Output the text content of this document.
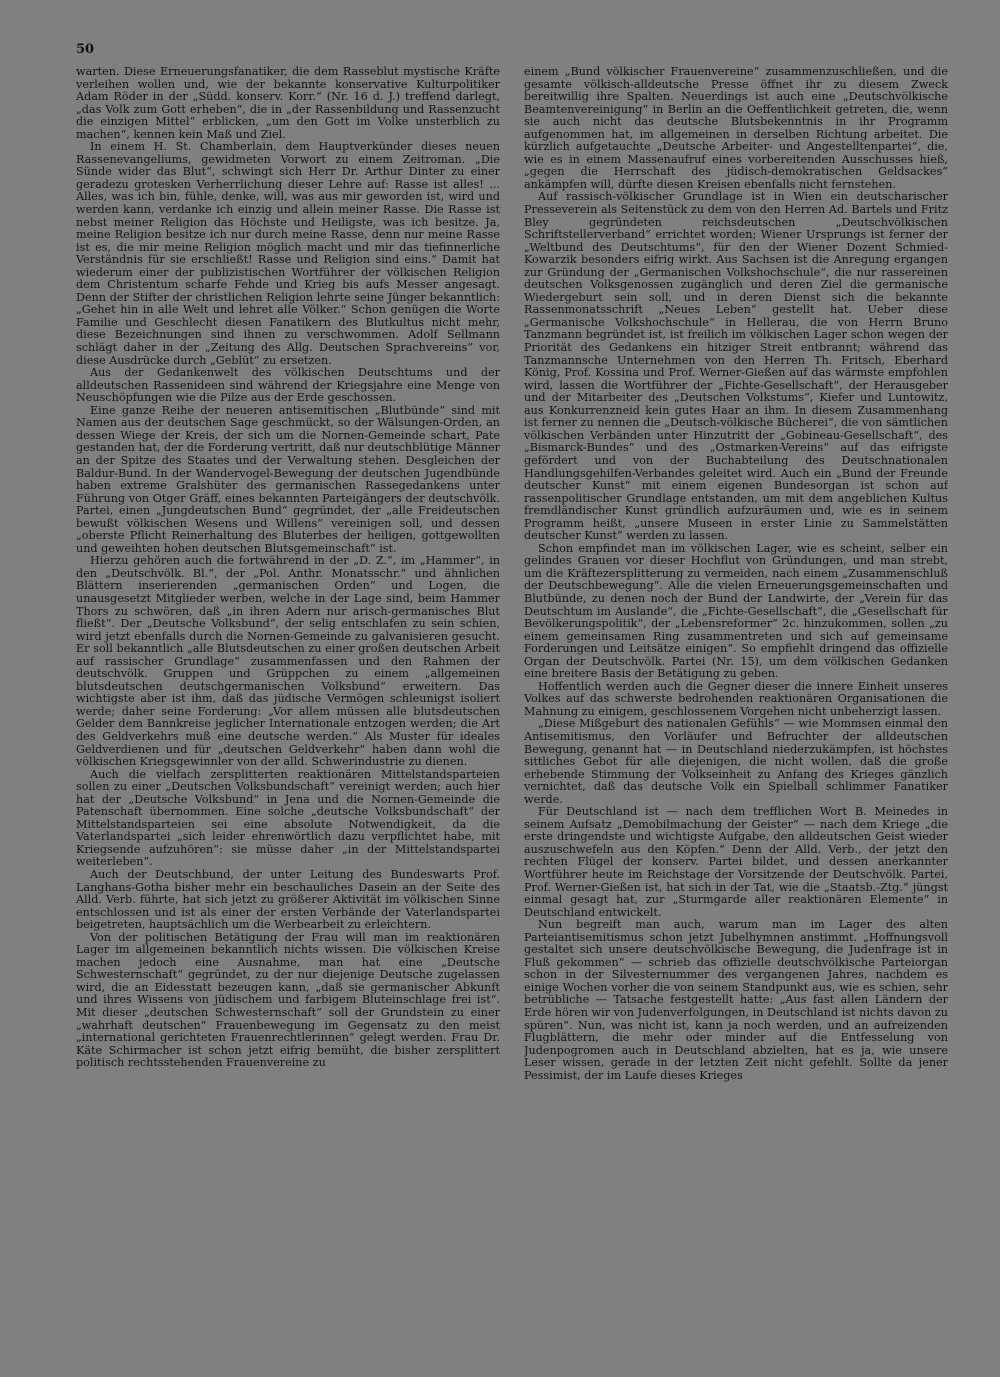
50

warten. Diese Erneuerungsfanatiker, die dem Rasseblut mystische Kräfte verleihen wollen und, wie der bekannte konservative Kulturpolitiker Adam Röder in der „Südd. konserv. Korr.“ (Nr. 16 d. J.) treffend darlegt, „das Volk zum Gott erheben“, die in „der Rassenbildung und Rassenzucht die einzigen Mittel“ erblicken, „um den Gott im Volke unsterblich zu machen“, kennen kein Maß und Ziel.

In einem H. St. Chamberlain, dem Hauptverkünder dieses neuen Rassenevangeliums, gewidmeten Vorwort zu einem Zeitroman. „Die Sünde wider das Blut“, schwingt sich Herr Dr. Arthur Dinter zu einer geradezu grotesken Verherrlichung dieser Lehre auf: Rasse ist alles! ... Alles, was ich bin, fühle, denke, will, was aus mir geworden ist, wird und werden kann, verdanke ich einzig und allein meiner Rasse. Die Rasse ist nebst meiner Religion das Höchste und Heiligste, was ich besitze. Ja, meine Religion besitze ich nur durch meine Rasse, denn nur meine Rasse ist es, die mir meine Religion möglich macht und mir das tiefinnerliche Verständnis für sie erschließt! Rasse und Religion sind eins.“ Damit hat wiederum einer der publizistischen Wortführer der völkischen Religion dem Christentum scharfe Fehde und Krieg bis aufs Messer angesagt. Denn der Stifter der christlichen Religion lehrte seine Jünger bekanntlich: „Gehet hin in alle Welt und lehret alle Völker.“ Schon genügen die Worte Familie und Geschlecht diesen Fanatikern des Blutkultus nicht mehr, diese Bezeichnungen sind ihnen zu verschwommen. Adolf Sellmann schlägt daher in der „Zeitung des Allg. Deutschen Sprachvereins“ vor, diese Ausdrücke durch „Geblüt“ zu ersetzen.

Aus der Gedankenwelt des völkischen Deutschtums und der alldeutschen Rassenideen sind während der Kriegsjahre eine Menge von Neuschöpfungen wie die Pilze aus der Erde geschossen.

Eine ganze Reihe der neueren antisemitischen „Blutbünde“ sind mit Namen aus der deutschen Sage geschmückt, so der Wälsungen-Orden, an dessen Wiege der Kreis, der sich um die Nornen-Gemeinde schart, Pate gestanden hat, der die Forderung vertritt, daß nur deutschblütige Männer an der Spitze des Staates und der Verwaltung stehen. Desgleichen der Baldur-Bund. In der Wandervogel-Bewegung der deutschen Jugendbünde haben extreme Gralshüter des germanischen Rassegedankens unter Führung von Otger Gräff, eines bekannten Parteigängers der deutschvölk. Partei, einen „Jungdeutschen Bund“ gegründet, der „alle Freideutschen bewußt völkischen Wesens und Willens“ vereinigen soll, und dessen „oberste Pflicht Reinerhaltung des Bluterbes der heiligen, gottgewollten und geweihten hohen deutschen Blutsgemeinschaft“ ist.

Hierzu gehören auch die fortwährend in der „D. Z.“, im „Hammer“, in den „Deutschvölk. Bl.“, der „Pol. Anthr. Monatsschr.“ und ähnlichen Blättern inserierenden „germanischen Orden“ und Logen, die unausgesetzt Mitglieder werben, welche in der Lage sind, beim Hammer Thors zu schwören, daß „in ihren Adern nur arisch-germanisches Blut fließt“. Der „Deutsche Volksbund“, der selig entschlafen zu sein schien, wird jetzt ebenfalls durch die Nornen-Gemeinde zu galvanisieren gesucht. Er soll bekanntlich „alle Blutsdeutschen zu einer großen deutschen Arbeit auf rassischer Grundlage“ zusammenfassen und den Rahmen der deutschvölk. Gruppen und Grüppchen zu einem „allgemeinen blutsdeutschen deutschgermanischen Volksbund“ erweitern. Das wichtigste aber ist ihm, daß das jüdische Vermögen schleunigst isoliert werde; daher seine Forderung: „Vor allem müssen alle blutsdeutschen Gelder dem Bannkreise jeglicher Internationale entzogen werden; die Art des Geldverkehrs muß eine deutsche werden.“ Als Muster für ideales Geldverdienen und für „deutschen Geldverkehr“ haben dann wohl die völkischen Kriegsgewinnler von der alld. Schwerindustrie zu dienen.

Auch die vielfach zersplitterten reaktionären Mittelstandsparteien sollen zu einer „Deutschen Volksbundschaft“ vereinigt werden; auch hier hat der „Deutsche Volksbund“ in Jena und die Nornen-Gemeinde die Patenschaft übernommen. Eine solche „deutsche Volksbundschaft“ der Mittelstandsparteien sei eine absolute Notwendigkeit, da die Vaterlandspartei „sich leider ehrenwörtlich dazu verpflichtet habe, mit Kriegsende aufzuhören“: sie müsse daher „in der Mittelstandspartei weiterleben“.

Auch der Deutschbund, der unter Leitung des Bundeswarts Prof. Langhans-Gotha bisher mehr ein beschauliches Dasein an der Seite des Alld. Verb. führte, hat sich jetzt zu größerer Aktivität im völkischen Sinne entschlossen und ist als einer der ersten Verbände der Vaterlandspartei beigetreten, hauptsächlich um die Werbearbeit zu erleichtern.

Von der politischen Betätigung der Frau will man im reaktionären Lager im allgemeinen bekanntlich nichts wissen. Die völkischen Kreise machen jedoch eine Ausnahme, man hat eine „Deutsche Schwesternschaft“ gegründet, zu der nur diejenige Deutsche zugelassen wird, die an Eidesstatt bezeugen kann, „daß sie germanischer Abkunft und ihres Wissens von jüdischem und farbigem Bluteinschlage frei ist“. Mit dieser „deutschen Schwesternschaft“ soll der Grundstein zu einer „wahrhaft deutschen“ Frauenbewegung im Gegensatz zu den meist „international gerichteten Frauenrechtlerinnen“ gelegt werden. Frau Dr. Käte Schirmacher ist schon jetzt eifrig bemüht, die bisher zersplittert politisch rechtsstehenden Frauenvereine zu

einem „Bund völkischer Frauenvereine“ zusammenzuschließen, und die gesamte völkisch-alldeutsche Presse öffnet ihr zu diesem Zweck bereitwillig ihre Spalten. Neuerdings ist auch eine „Deutschvölkische Beamtenvereinigung“ in Berlin an die Oeffentlichkeit getreten, die, wenn sie auch nicht das deutsche Blutsbekenntnis in ihr Programm aufgenommen hat, im allgemeinen in derselben Richtung arbeitet. Die kürzlich aufgetauchte „Deutsche Arbeiter- und Angestelltenpartei“, die, wie es in einem Massenaufruf eines vorbereitenden Ausschusses hieß, „gegen die Herrschaft des jüdisch-demokratischen Geldsackes“ ankämpfen will, dürfte diesen Kreisen ebenfalls nicht fernstehen.

Auf rassisch-völkischer Grundlage ist in Wien ein deutscharischer Presseverein als Seitenstück zu dem von den Herren Ad. Bartels und Fritz Bley gegründeten reichsdeutschen „Deutschvölkischen Schriftstellerverband“ errichtet worden; Wiener Ursprungs ist ferner der „Weltbund des Deutschtums“, für den der Wiener Dozent Schmied-Kowarzik besonders eifrig wirkt. Aus Sachsen ist die Anregung ergangen zur Gründung der „Germanischen Volkshochschule“, die nur rassereinen deutschen Volksgenossen zugänglich und deren Ziel die germanische Wiedergeburt sein soll, und in deren Dienst sich die bekannte Rassenmonatsschrift „Neues Leben“ gestellt hat. Ueber diese „Germanische Volkshochschule“ in Hellerau, die von Herrn Bruno Tanzmann begründet ist, ist freilich im völkischen Lager schon wegen der Priorität des Gedankens ein hitziger Streit entbrannt; während das Tanzmannsche Unternehmen von den Herren Th. Fritsch, Eberhard König, Prof. Kossina und Prof. Werner-Gießen auf das wärmste empfohlen wird, lassen die Wortführer der „Fichte-Gesellschaft“, der Herausgeber und der Mitarbeiter des „Deutschen Volkstums“, Kiefer und Luntowitz, aus Konkurrenzneid kein gutes Haar an ihm. In diesem Zusammenhang ist ferner zu nennen die „Deutsch-völkische Bücherei“, die von sämtlichen völkischen Verbänden unter Hinzutritt der „Gobineau-Gesellschaft“, des „Bismarck-Bundes“ und des „Ostmarken-Vereins“ auf das eifrigste gefördert und von der Buchabteilung des Deutschnationalen Handlungsgehilfen-Verbandes geleitet wird. Auch ein „Bund der Freunde deutscher Kunst“ mit einem eigenen Bundesorgan ist schon auf rassenpolitischer Grundlage entstanden, um mit dem angeblichen Kultus fremdländischer Kunst gründlich aufzuräumen und, wie es in seinem Programm heißt, „unsere Museen in erster Linie zu Sammelstätten deutscher Kunst“ werden zu lassen.

Schon empfindet man im völkischen Lager, wie es scheint, selber ein gelindes Grauen vor dieser Hochflut von Gründungen, und man strebt, um die Kräftezersplitterung zu vermeiden, nach einem „Zusammenschluß der Deutschbewegung“. Alle die vielen Erneuerungsgemeinschaften und Blutbünde, zu denen noch der Bund der Landwirte, der „Verein für das Deutschtum im Auslande“, die „Fichte-Gesellschaft“, die „Gesellschaft für Bevölkerungspolitik“, der „Lebensreformer“ 2c. hinzukommen, sollen „zu einem gemeinsamen Ring zusammentreten und sich auf gemeinsame Forderungen und Leitsätze einigen“. So empfiehlt dringend das offizielle Organ der Deutschvölk. Partei (Nr. 15), um dem völkischen Gedanken eine breitere Basis der Betätigung zu geben.

Hoffentlich werden auch die Gegner dieser die innere Einheit unseres Volkes auf das schwerste bedrohenden reaktionären Organisationen die Mahnung zu einigem, geschlossenem Vorgehen nicht unbeherzigt lassen.

„Diese Mißgeburt des nationalen Gefühls“ — wie Mommsen einmal den Antisemitismus, den Vorläufer und Befruchter der alldeutschen Bewegung, genannt hat — in Deutschland niederzukämpfen, ist höchstes sittliches Gebot für alle diejenigen, die nicht wollen, daß die große erhebende Stimmung der Volkseinheit zu Anfang des Krieges gänzlich vernichtet, daß das deutsche Volk ein Spielball schlimmer Fanatiker werde.

Für Deutschland ist — nach dem trefflichen Wort B. Meinedes in seinem Aufsatz „Demobilmachung der Geister“ — nach dem Kriege „die erste dringendste und wichtigste Aufgabe, den alldeutschen Geist wieder auszuschwefeln aus den Köpfen.“ Denn der Alld. Verb., der jetzt den rechten Flügel der konserv. Partei bildet, und dessen anerkannter Wortführer heute im Reichstage der Vorsitzende der Deutschvölk. Partei, Prof. Werner-Gießen ist, hat sich in der Tat, wie die „Staatsb.-Ztg.“ jüngst einmal gesagt hat, zur „Sturmgarde aller reaktionären Elemente“ in Deutschland entwickelt.

Nun begreift man auch, warum man im Lager des alten Parteiantisemitismus schon jetzt Jubelhymnen anstimmt. „Hoffnungsvoll gestaltet sich unsere deutschvölkische Bewegung, die Judenfrage ist in Fluß gekommen“ — schrieb das offizielle deutschvölkische Parteiorgan schon in der Silvesternummer des vergangenen Jahres, nachdem es einige Wochen vorher die von seinem Standpunkt aus, wie es schien, sehr betrübliche — Tatsache festgestellt hatte: „Aus fast allen Ländern der Erde hören wir von Judenverfolgungen, in Deutschland ist nichts davon zu spüren“. Nun, was nicht ist, kann ja noch werden, und an aufreizenden Flugblättern, die mehr oder minder auf die Entfesselung von Judenpogromen auch in Deutschland abzielten, hat es ja, wie unsere Leser wissen, gerade in der letzten Zeit nicht gefehlt. Sollte da jener Pessimist, der im Laufe dieses Krieges
